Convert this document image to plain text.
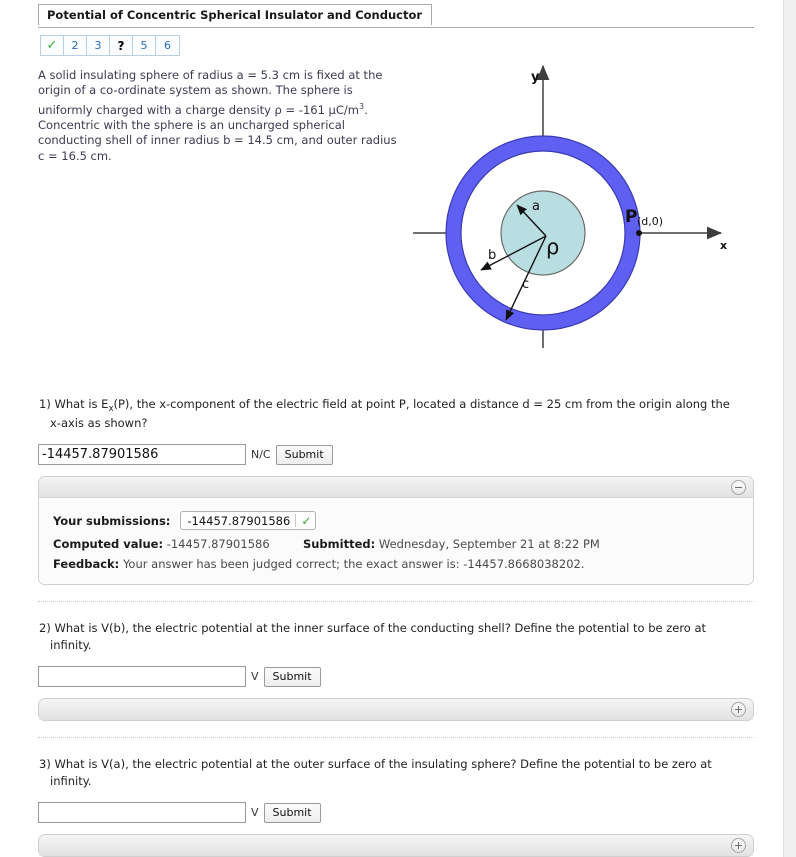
Potential of Concentric Spherical Insulator and Conductor
✓	2	3	?	5	6
A solid insulating sphere of radius a = 5.3 cm is fixed at the origin of a co-ordinate system as shown. The sphere is uniformly charged with a charge density ρ = -161 $\mu C/m^3$. Concentric with the sphere is an uncharged spherical conducting shell of inner radius b = 14.5 cm, and outer radius c = 16.5 cm.
y
x
a
b
c
ρ
P (d,0)
1) What is $E_x(P)$, the x-component of the electric field at point P, located a distance d = 25 cm from the origin along the
x-axis as shown?
-14457.87901586
N/C	Submit
Your submissions: -14457.87901586 ✓
Computed value: -14457.87901586	Submitted: Wednesday, September 21 at 8:22 PM
Feedback: Your answer has been judged correct; the exact answer is: -14457.8668038202.
2) What is V(b), the electric potential at the inner surface of the conducting shell? Define the potential to be zero at
infinity.
V	Submit
3) What is V(a), the electric potential at the outer surface of the insulating sphere? Define the potential to be zero at
infinity.
V	Submit
